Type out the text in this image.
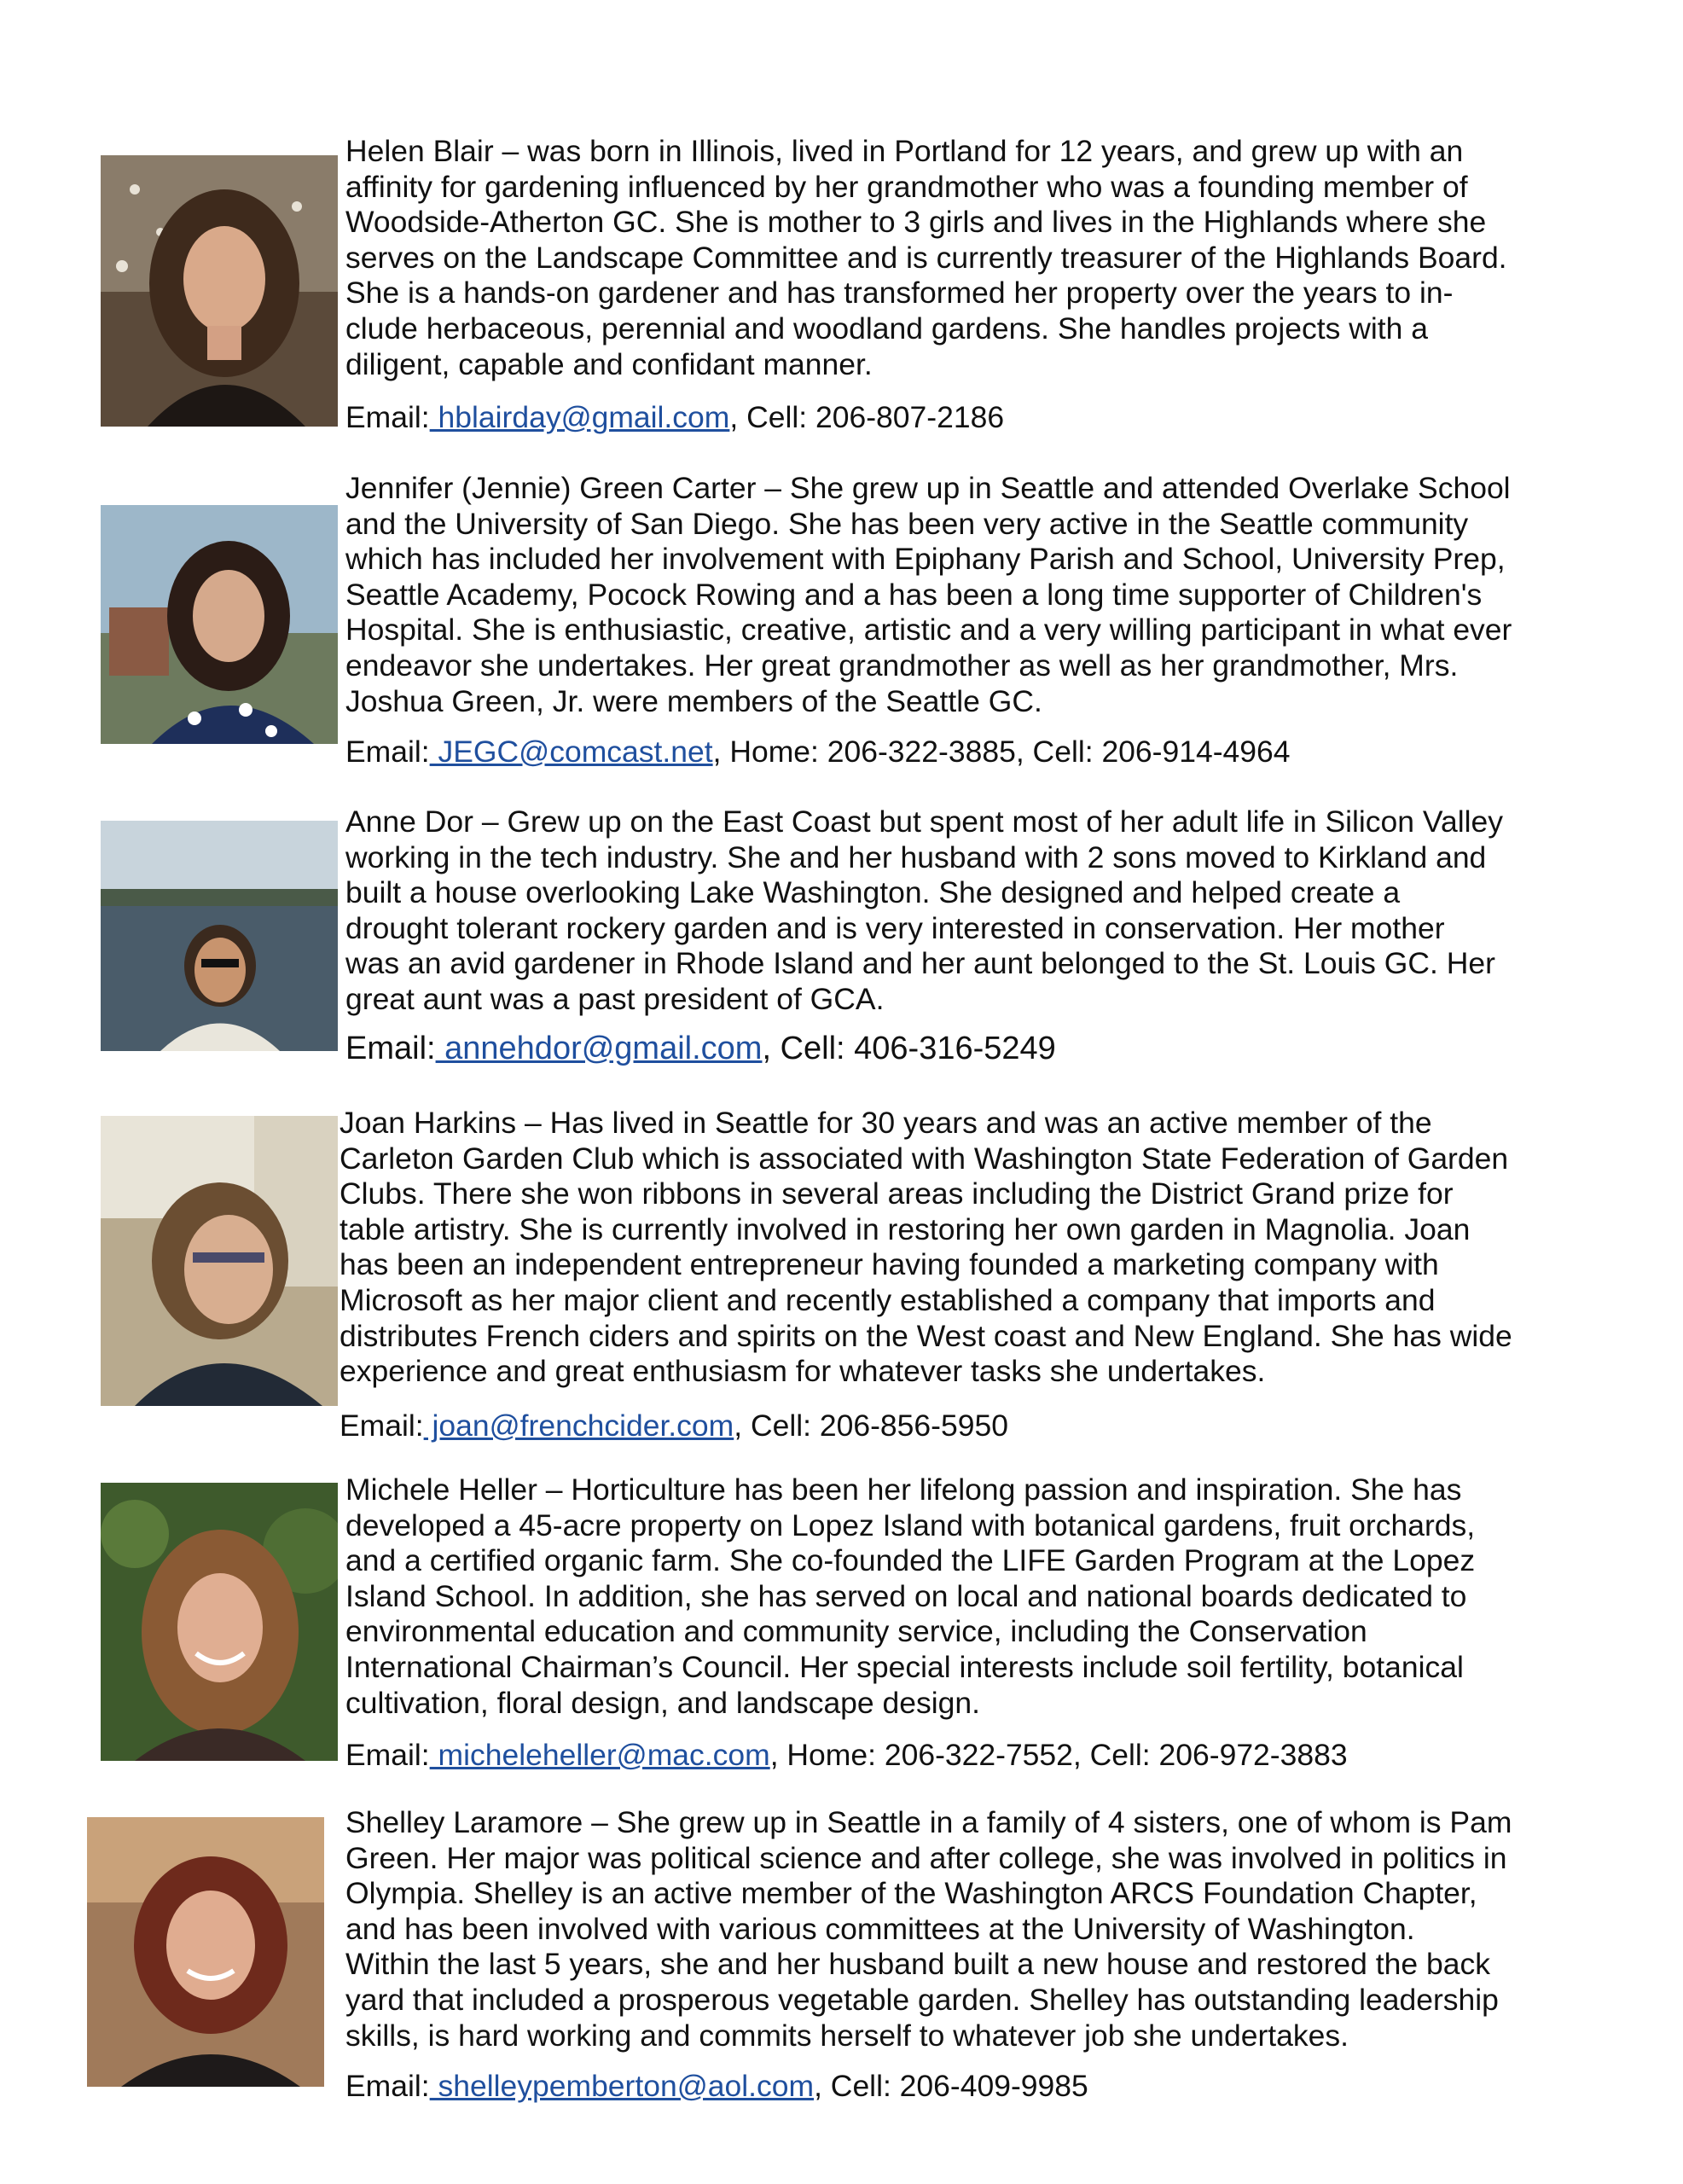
Helen Blair – was born in Illinois, lived in Portland for 12 years, and grew up with an
affinity for gardening influenced by her grandmother who was a founding member of
Woodside-Atherton GC. She is mother to 3 girls and lives in the Highlands where she
serves on the Landscape Committee and is currently treasurer of the Highlands Board.
She is a hands-on gardener and has transformed her property over the years to in-
clude herbaceous, perennial and woodland gardens. She handles projects with a
diligent, capable and confidant manner.
Email: hblairday@gmail.com, Cell: 206-807-2186
Jennifer (Jennie) Green Carter – She grew up in Seattle and attended Overlake School
and the University of San Diego. She has been very active in the Seattle community
which has included her involvement with Epiphany Parish and School, University Prep,
Seattle Academy, Pocock Rowing and a has been a long time supporter of Children's
Hospital. She is enthusiastic, creative, artistic and a very willing participant in what ever
endeavor she undertakes. Her great grandmother as well as her grandmother, Mrs.
Joshua Green, Jr. were members of the Seattle GC.
Email: JEGC@comcast.net, Home: 206-322-3885, Cell: 206-914-4964
Anne Dor – Grew up on the East Coast but spent most of her adult life in Silicon Valley
working in the tech industry. She and her husband with 2 sons moved to Kirkland and
built a house overlooking Lake Washington. She designed and helped create a
drought tolerant rockery garden and is very interested in conservation. Her mother
was an avid gardener in Rhode Island and her aunt belonged to the St. Louis GC. Her
great aunt was a past president of GCA.
Email: annehdor@gmail.com, Cell: 406-316-5249
Joan Harkins – Has lived in Seattle for 30 years and was an active member of the
Carleton Garden Club which is associated with Washington State Federation of Garden
Clubs. There she won ribbons in several areas including the District Grand prize for
table artistry. She is currently involved in restoring her own garden in Magnolia. Joan
has been an independent entrepreneur having founded a marketing company with
Microsoft as her major client and recently established a company that imports and
distributes French ciders and spirits on the West coast and New England. She has wide
experience and great enthusiasm for whatever tasks she undertakes.
Email: joan@frenchcider.com, Cell: 206-856-5950
Michele Heller – Horticulture has been her lifelong passion and inspiration. She has
developed a 45-acre property on Lopez Island with botanical gardens, fruit orchards,
and a certified organic farm. She co-founded the LIFE Garden Program at the Lopez
Island School. In addition, she has served on local and national boards dedicated to
environmental education and community service, including the Conservation
International Chairman’s Council. Her special interests include soil fertility, botanical
cultivation, floral design, and landscape design.
Email: micheleheller@mac.com, Home: 206-322-7552, Cell: 206-972-3883
Shelley Laramore – She grew up in Seattle in a family of 4 sisters, one of whom is Pam
Green. Her major was political science and after college, she was involved in politics in
Olympia. Shelley is an active member of the Washington ARCS Foundation Chapter,
and has been involved with various committees at the University of Washington.
Within the last 5 years, she and her husband built a new house and restored the back
yard that included a prosperous vegetable garden. Shelley has outstanding leadership
skills, is hard working and commits herself to whatever job she undertakes.
Email: shelleypemberton@aol.com, Cell: 206-409-9985
